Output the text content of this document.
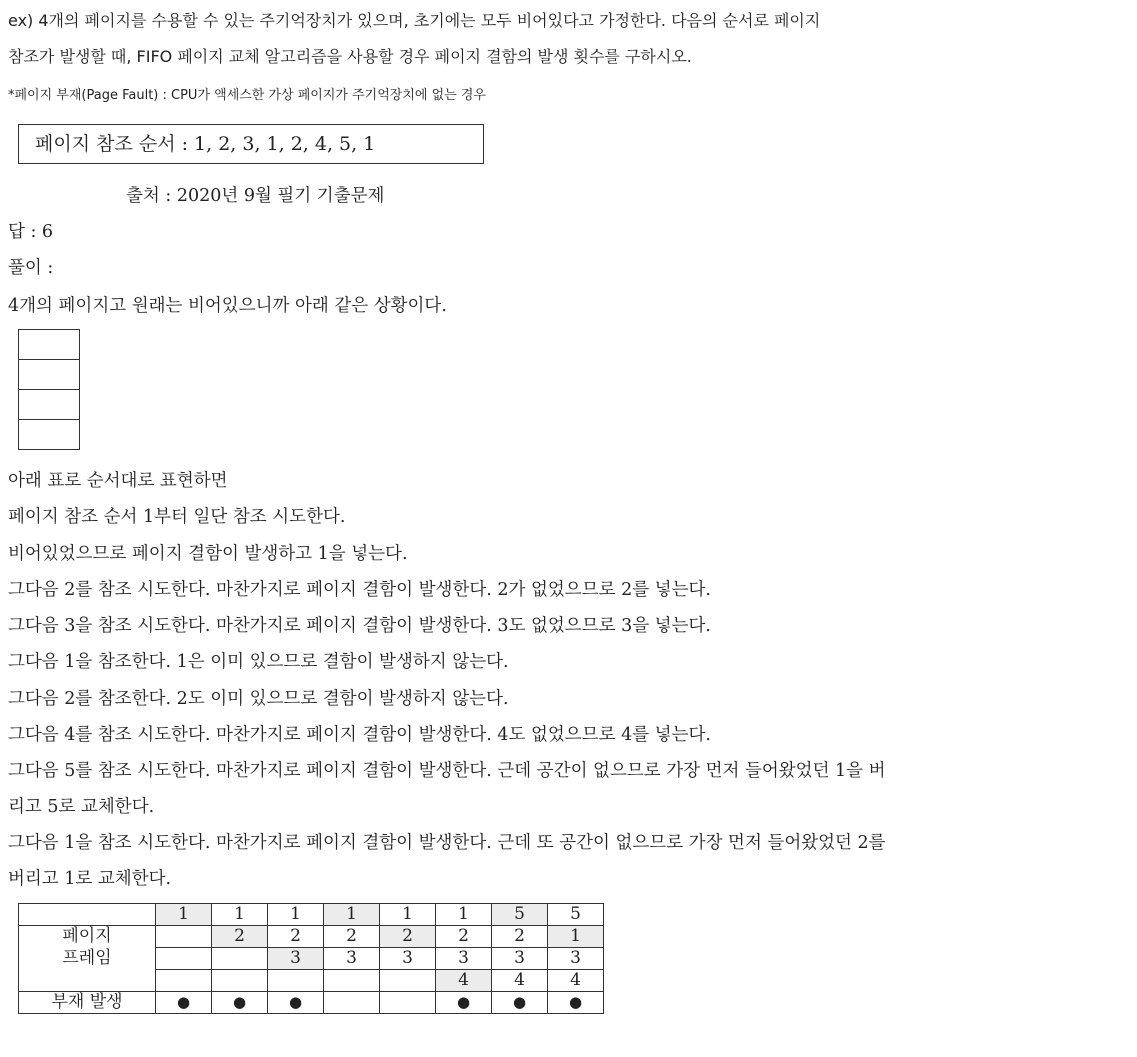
ex) 4개의 페이지를 수용할 수 있는 주기억장치가 있으며, 초기에는 모두 비어있다고 가정한다. 다음의 순서로 페이지
참조가 발생할 때, FIFO 페이지 교체 알고리즘을 사용할 경우 페이지 결함의 발생 횟수를 구하시오.
*페이지 부재(Page Fault) : CPU가 액세스한 가상 페이지가 주기억장치에 없는 경우
페이지 참조 순서 : 1, 2, 3, 1, 2, 4, 5, 1
출처 : 2020년 9월 필기 기출문제
답 : 6
풀이 :
4개의 페이지고 원래는 비어있으니까 아래 같은 상황이다.

아래 표로 순서대로 표현하면
페이지 참조 순서 1부터 일단 참조 시도한다.
비어있었으므로 페이지 결함이 발생하고 1을 넣는다.
그다음 2를 참조 시도한다. 마찬가지로 페이지 결함이 발생한다. 2가 없었으므로 2를 넣는다.
그다음 3을 참조 시도한다. 마찬가지로 페이지 결함이 발생한다. 3도 없었으므로 3을 넣는다.
그다음 1을 참조한다. 1은 이미 있으므로 결함이 발생하지 않는다.
그다음 2를 참조한다. 2도 이미 있으므로 결함이 발생하지 않는다.
그다음 4를 참조 시도한다. 마찬가지로 페이지 결함이 발생한다. 4도 없었으므로 4를 넣는다.
그다음 5를 참조 시도한다. 마찬가지로 페이지 결함이 발생한다. 근데 공간이 없으므로 가장 먼저 들어왔었던 1을 버
리고 5로 교체한다.
그다음 1을 참조 시도한다. 마찬가지로 페이지 결함이 발생한다. 근데 또 공간이 없으므로 가장 먼저 들어왔었던 2를
버리고 1로 교체한다.
	1	1	1	1	1	1	5	5
페이지		2	2	2	2	2	2	1
프레임			3	3	3	3	3	3
						4	4	4
부재 발생	●	●	●			●	●	●
